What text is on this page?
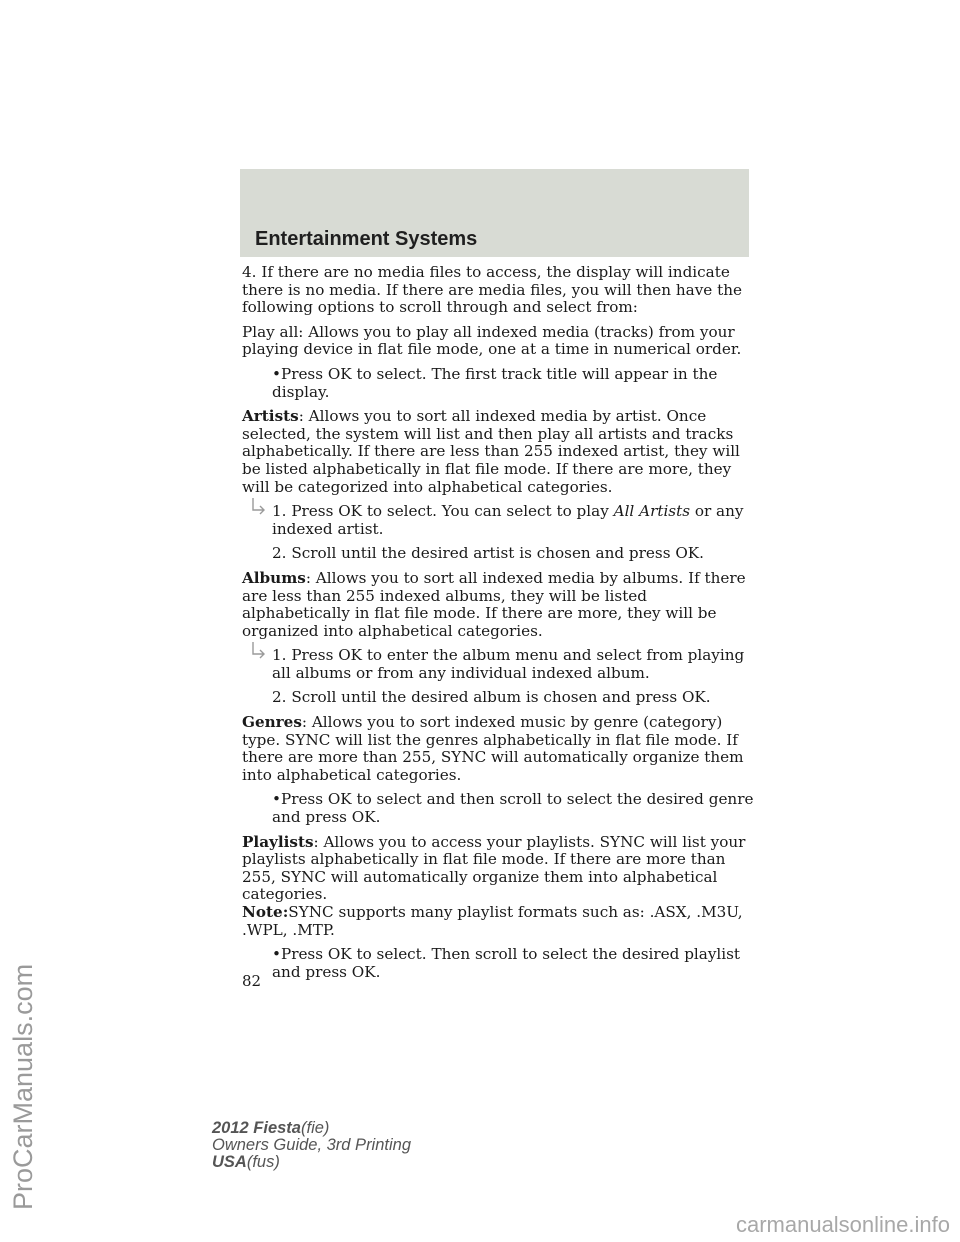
Entertainment Systems

4. If there are no media files to access, the display will indicate there is no media. If there are media files, you will then have the following options to scroll through and select from:

Play all: Allows you to play all indexed media (tracks) from your playing device in flat file mode, one at a time in numerical order.

•Press OK to select. The first track title will appear in the display.

Artists: Allows you to sort all indexed media by artist. Once selected, the system will list and then play all artists and tracks alphabetically. If there are less than 255 indexed artist, they will be listed alphabetically in flat file mode. If there are more, they will be categorized into alphabetical categories.

1. Press OK to select. You can select to play All Artists or any indexed artist.

2. Scroll until the desired artist is chosen and press OK.

Albums: Allows you to sort all indexed media by albums. If there are less than 255 indexed albums, they will be listed alphabetically in flat file mode. If there are more, they will be organized into alphabetical categories.

1. Press OK to enter the album menu and select from playing all albums or from any individual indexed album.

2. Scroll until the desired album is chosen and press OK.

Genres: Allows you to sort indexed music by genre (category) type. SYNC will list the genres alphabetically in flat file mode. If there are more than 255, SYNC will automatically organize them into alphabetical categories.

•Press OK to select and then scroll to select the desired genre and press OK.

Playlists: Allows you to access your playlists. SYNC will list your playlists alphabetically in flat file mode. If there are more than 255, SYNC will automatically organize them into alphabetical categories.

Note:SYNC supports many playlist formats such as: .ASX, .M3U, .WPL, .MTP.

•Press OK to select. Then scroll to select the desired playlist and press OK.

82
2012 Fiesta(fie)
Owners Guide, 3rd Printing
USA(fus)
ProCarManuals.com
carmanualsonline.info
